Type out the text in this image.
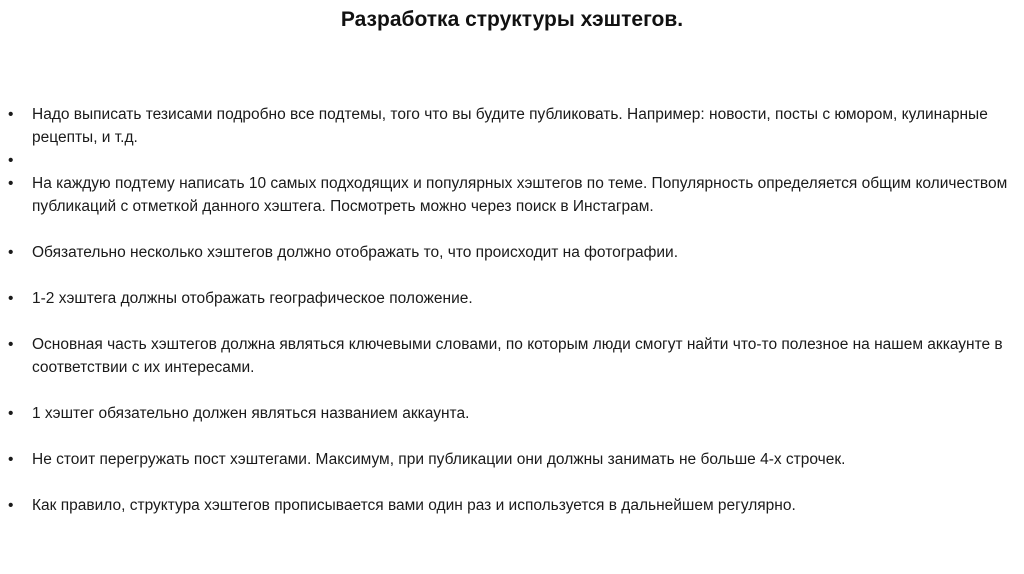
Разработка структуры хэштегов.
• Надо выписать тезисами подробно все подтемы, того что вы будите публиковать. Например: новости, посты с юмором, кулинарные рецепты, и т.д.
•
• На каждую подтему написать 10 самых подходящих и популярных хэштегов по теме. Популярность определяется общим количеством публикаций с отметкой данного хэштега. Посмотреть можно через поиск в Инстаграм.
• Обязательно несколько хэштегов должно отображать то, что происходит на фотографии.
• 1-2 хэштега должны отображать географическое положение.
• Основная часть хэштегов должна являться ключевыми словами, по которым люди смогут найти что-то полезное на нашем аккаунте в соответствии с их интересами.
• 1 хэштег обязательно должен являться названием аккаунта.
• Не стоит перегружать пост хэштегами. Максимум, при публикации они должны занимать не больше 4-х строчек.
• Как правило, структура хэштегов прописывается вами один раз и используется в дальнейшем регулярно.
